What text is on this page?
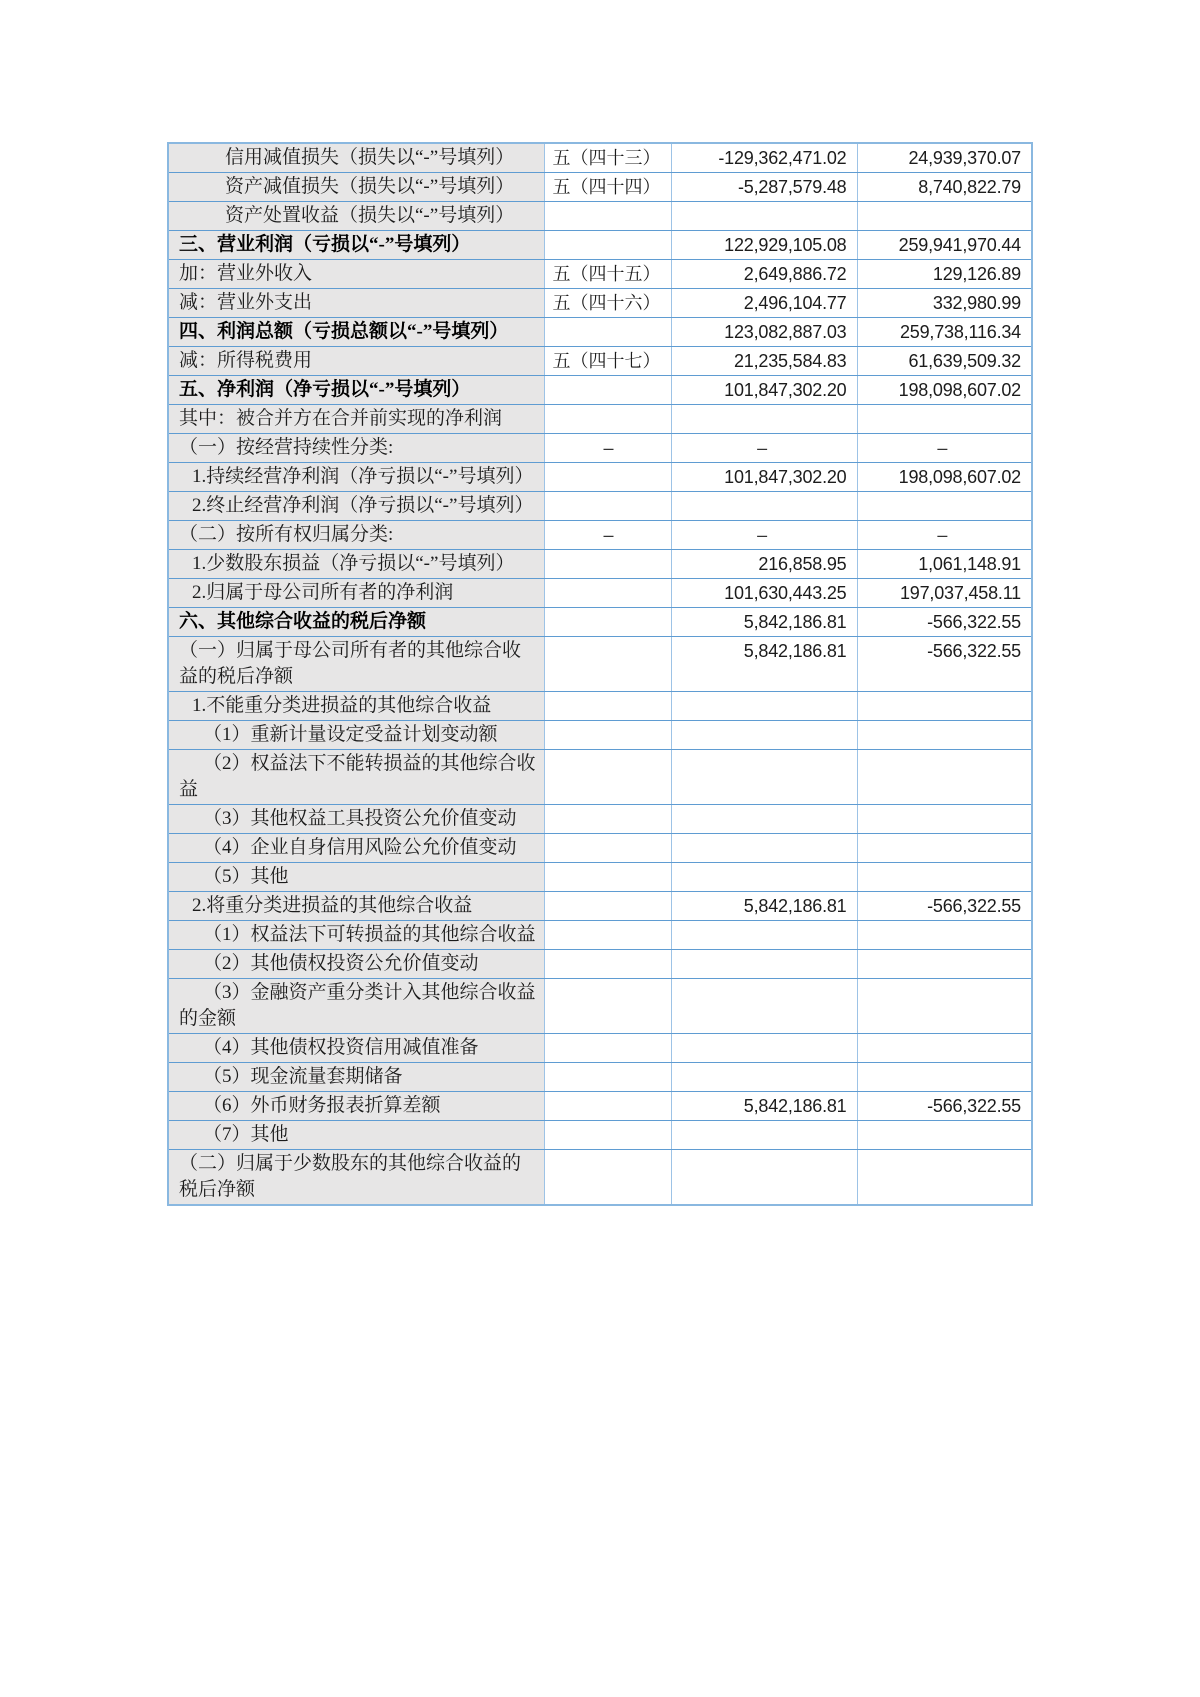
信用减值损失（损失以“-”号填列）	五（四十三）	-129,362,471.02	24,939,370.07
资产减值损失（损失以“-”号填列）	五（四十四）	-5,287,579.48	8,740,822.79
资产处置收益（损失以“-”号填列）			
三、营业利润（亏损以“-”号填列）		122,929,105.08	259,941,970.44
加：营业外收入	五（四十五）	2,649,886.72	129,126.89
减：营业外支出	五（四十六）	2,496,104.77	332,980.99
四、利润总额（亏损总额以“-”号填列）		123,082,887.03	259,738,116.34
减：所得税费用	五（四十七）	21,235,584.83	61,639,509.32
五、净利润（净亏损以“-”号填列）		101,847,302.20	198,098,607.02
其中：被合并方在合并前实现的净利润			
（一）按经营持续性分类:	–	–	–
1.持续经营净利润（净亏损以“-”号填列）		101,847,302.20	198,098,607.02
2.终止经营净利润（净亏损以“-”号填列）			
（二）按所有权归属分类:	–	–	–
1.少数股东损益（净亏损以“-”号填列）		216,858.95	1,061,148.91
2.归属于母公司所有者的净利润		101,630,443.25	197,037,458.11
六、其他综合收益的税后净额		5,842,186.81	-566,322.55
（一）归属于母公司所有者的其他综合收益的税后净额		5,842,186.81	-566,322.55
1.不能重分类进损益的其他综合收益			
（1）重新计量设定受益计划变动额			
（2）权益法下不能转损益的其他综合收益			
（3）其他权益工具投资公允价值变动			
（4）企业自身信用风险公允价值变动			
（5）其他			
2.将重分类进损益的其他综合收益		5,842,186.81	-566,322.55
（1）权益法下可转损益的其他综合收益			
（2）其他债权投资公允价值变动			
（3）金融资产重分类计入其他综合收益的金额			
（4）其他债权投资信用减值准备			
（5）现金流量套期储备			
（6）外币财务报表折算差额		5,842,186.81	-566,322.55
（7）其他			
（二）归属于少数股东的其他综合收益的税后净额			
